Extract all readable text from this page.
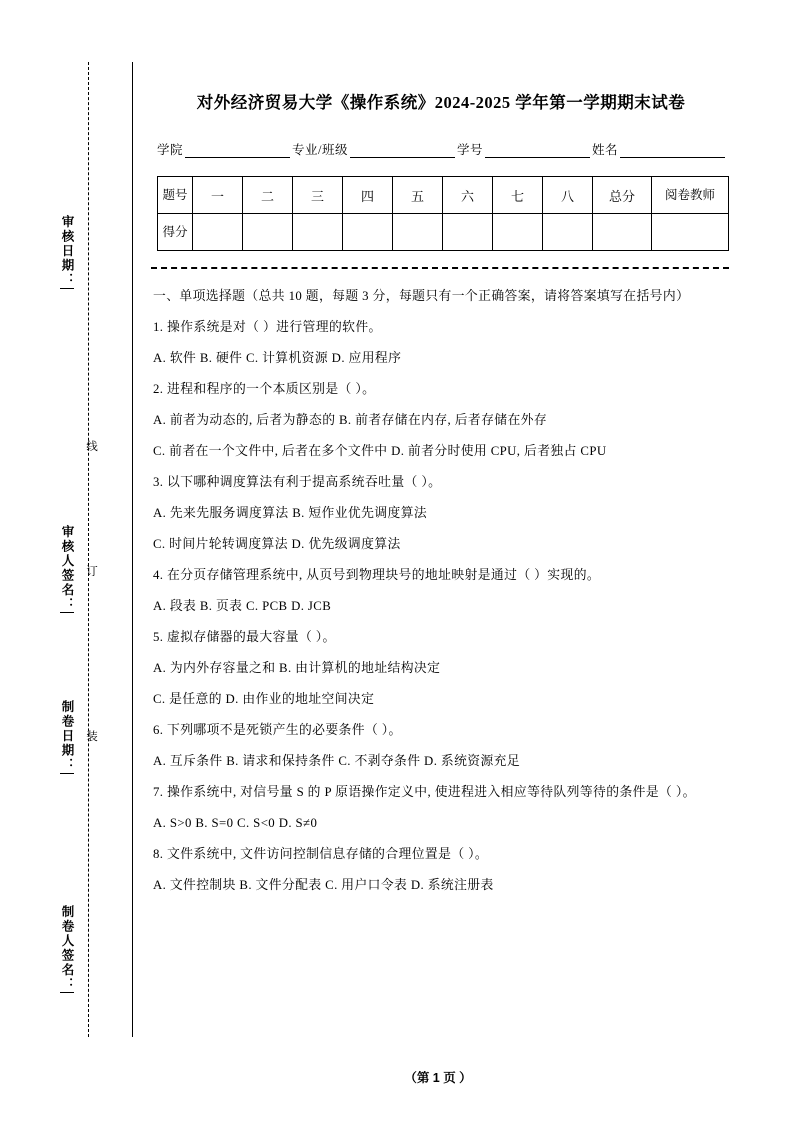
审核日期：
审核人签名：
制卷日期：
制卷人签名：
线
订
装
对外经济贸易大学《操作系统》2024‑2025 学年第一学期期末试卷
学院	专业/班级	学号	姓名
题号	一	二	三	四	五	六	七	八	总分	阅卷教师
得分										

一、单项选择题（总共 10 题，每题 3 分，每题只有一个正确答案，请将答案填写在括号内）

1. 操作系统是对（ ）进行管理的软件。

A. 软件 B. 硬件 C. 计算机资源 D. 应用程序

2. 进程和程序的一个本质区别是（ ）。

A. 前者为动态的, 后者为静态的 B. 前者存储在内存, 后者存储在外存

C. 前者在一个文件中, 后者在多个文件中 D. 前者分时使用 CPU, 后者独占 CPU

3. 以下哪种调度算法有利于提高系统吞吐量（ ）。

A. 先来先服务调度算法 B. 短作业优先调度算法

C. 时间片轮转调度算法 D. 优先级调度算法

4. 在分页存储管理系统中, 从页号到物理块号的地址映射是通过（ ）实现的。

A. 段表 B. 页表 C. PCB D. JCB

5. 虚拟存储器的最大容量（ ）。

A. 为内外存容量之和 B. 由计算机的地址结构决定

C. 是任意的 D. 由作业的地址空间决定

6. 下列哪项不是死锁产生的必要条件（ ）。

A. 互斥条件 B. 请求和保持条件 C. 不剥夺条件 D. 系统资源充足

7. 操作系统中, 对信号量 S 的 P 原语操作定义中, 使进程进入相应等待队列等待的条件是（ ）。

A. S>0 B. S=0 C. S<0 D. S≠0

8. 文件系统中, 文件访问控制信息存储的合理位置是（ ）。

A. 文件控制块 B. 文件分配表 C. 用户口令表 D. 系统注册表

（第 1 页 ）
